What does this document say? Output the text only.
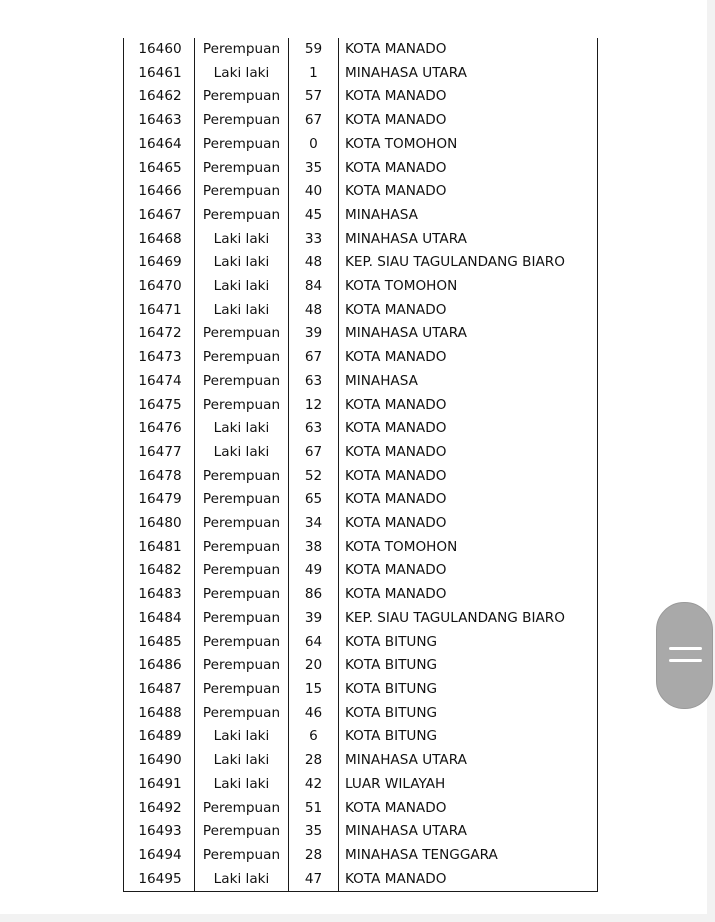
16460	Perempuan	59	KOTA MANADO
16461	Laki laki	1	MINAHASA UTARA
16462	Perempuan	57	KOTA MANADO
16463	Perempuan	67	KOTA MANADO
16464	Perempuan	0	KOTA TOMOHON
16465	Perempuan	35	KOTA MANADO
16466	Perempuan	40	KOTA MANADO
16467	Perempuan	45	MINAHASA
16468	Laki laki	33	MINAHASA UTARA
16469	Laki laki	48	KEP. SIAU TAGULANDANG BIARO
16470	Laki laki	84	KOTA TOMOHON
16471	Laki laki	48	KOTA MANADO
16472	Perempuan	39	MINAHASA UTARA
16473	Perempuan	67	KOTA MANADO
16474	Perempuan	63	MINAHASA
16475	Perempuan	12	KOTA MANADO
16476	Laki laki	63	KOTA MANADO
16477	Laki laki	67	KOTA MANADO
16478	Perempuan	52	KOTA MANADO
16479	Perempuan	65	KOTA MANADO
16480	Perempuan	34	KOTA MANADO
16481	Perempuan	38	KOTA TOMOHON
16482	Perempuan	49	KOTA MANADO
16483	Perempuan	86	KOTA MANADO
16484	Perempuan	39	KEP. SIAU TAGULANDANG BIARO
16485	Perempuan	64	KOTA BITUNG
16486	Perempuan	20	KOTA BITUNG
16487	Perempuan	15	KOTA BITUNG
16488	Perempuan	46	KOTA BITUNG
16489	Laki laki	6	KOTA BITUNG
16490	Laki laki	28	MINAHASA UTARA
16491	Laki laki	42	LUAR WILAYAH
16492	Perempuan	51	KOTA MANADO
16493	Perempuan	35	MINAHASA UTARA
16494	Perempuan	28	MINAHASA TENGGARA
16495	Laki laki	47	KOTA MANADO
